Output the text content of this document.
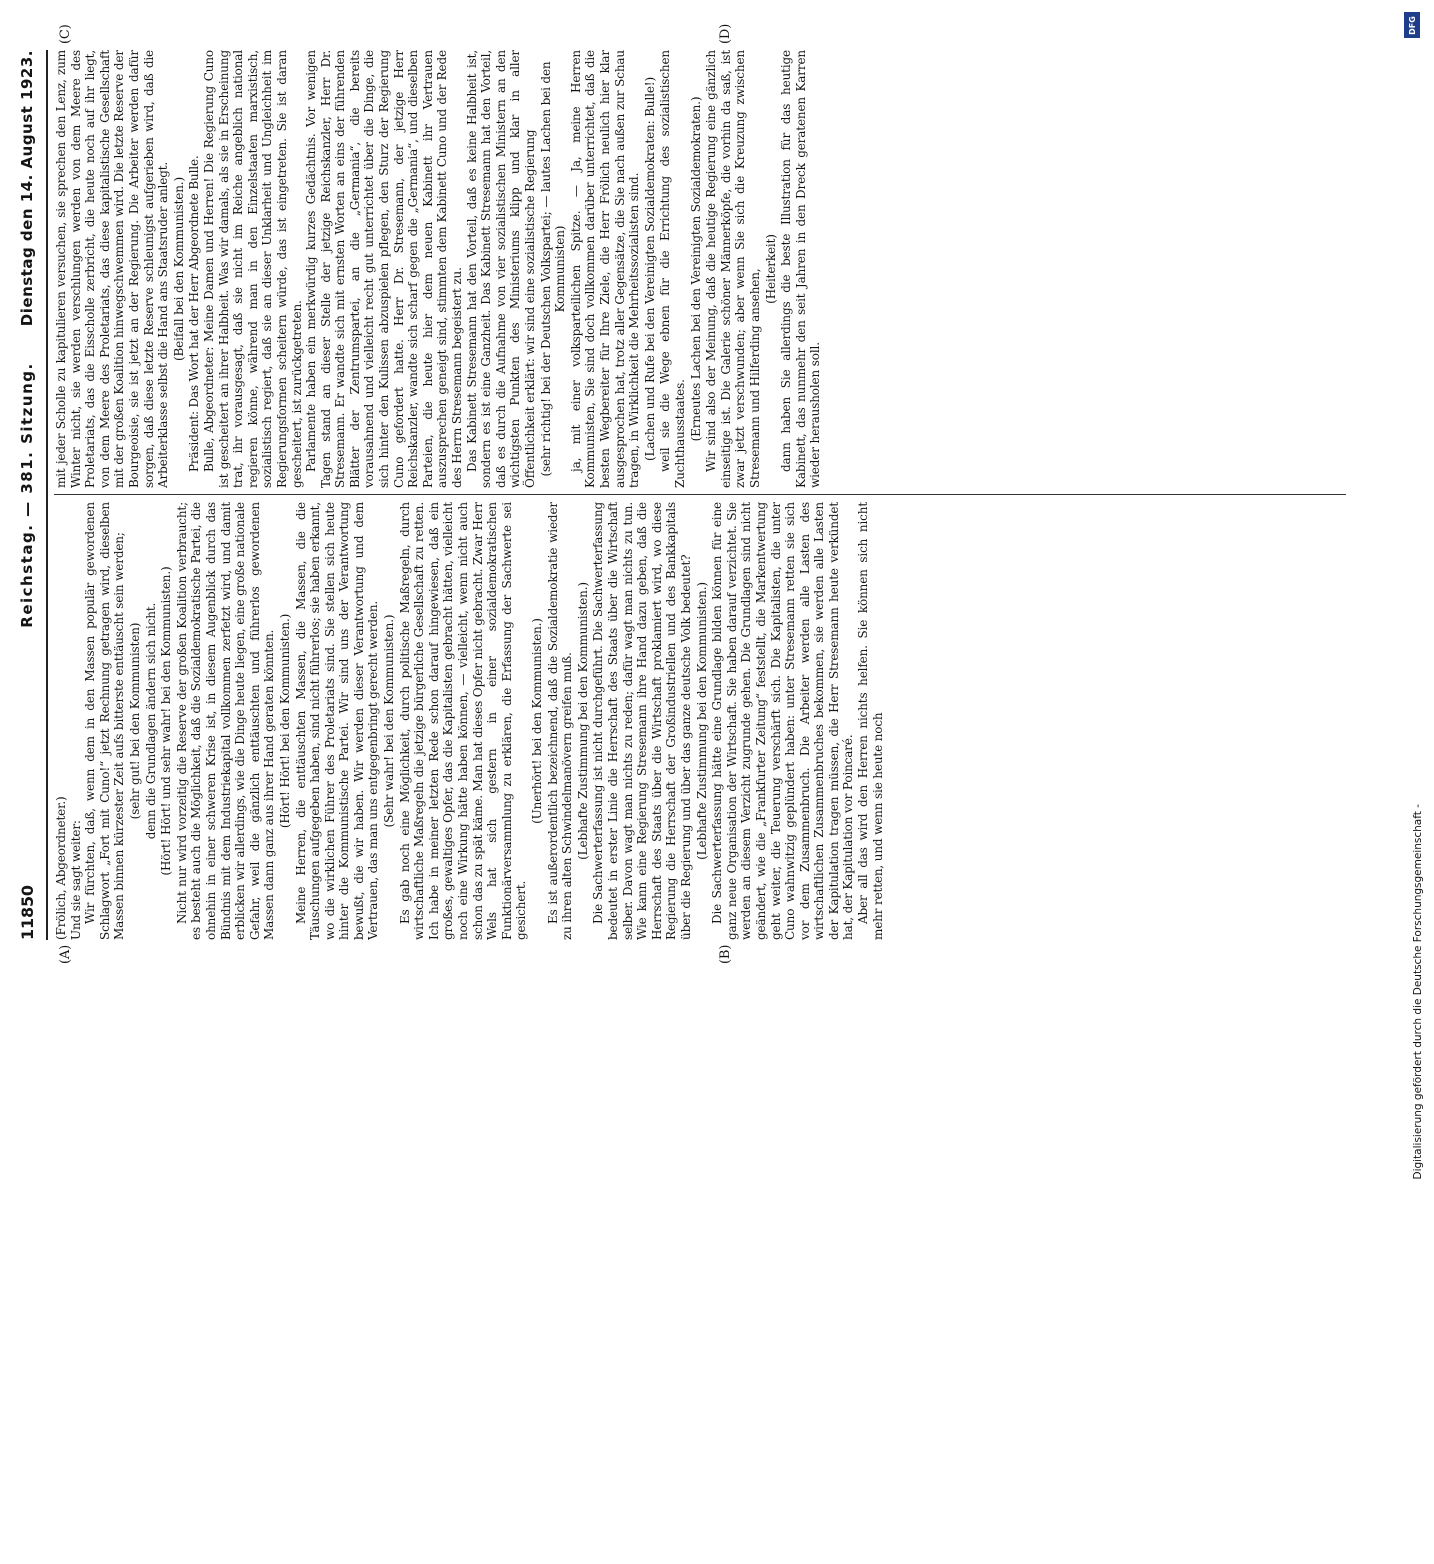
11850
Reichstag. — 381. Sitzung.
Dienstag den 14. August 1923.
(A)	(B)
(C)	(D)

(Frölich, Abgeordneter.) Und sie sagt weiter: Wir fürchten, daß, wenn dem in den Massen populär gewordenen Schlagwort „Fort mit Cuno!“ jetzt Rechnung getragen wird, dieselben Massen binnen kürzester Zeit aufs bitterste enttäuscht sein werden; (sehr gut! bei den Kommunisten) denn die Grundlagen ändern sich nicht. (Hört! Hört! und sehr wahr! bei den Kommunisten.) Nicht nur wird vorzeitig die Reserve der großen Koalition verbraucht; es besteht auch die Möglichkeit, daß die Sozialdemokratische Partei, die ohnehin in einer schweren Krise ist, in diesem Augenblick durch das Bündnis mit dem Industriekapital vollkommen zerfetzt wird, und damit erblicken wir allerdings, wie die Dinge heute liegen, eine große nationale Gefahr, weil die gänzlich enttäuschten und führerlos gewordenen Massen dann ganz aus ihrer Hand geraten könnten. (Hört! Hört! bei den Kommunisten.) Meine Herren, die enttäuschten Massen, die Massen, die die Täuschungen aufgegeben haben, sind nicht führerlos; sie haben erkannt, wo die wirklichen Führer des Proletariats sind. Sie stellen sich heute hinter die Kommunistische Partei. Wir sind uns der Verantwortung bewußt, die wir haben. Wir werden dieser Verantwortung und dem Vertrauen, das man uns entgegenbringt gerecht werden. (Sehr wahr! bei den Kommunisten.) Es gab noch eine Möglichkeit, durch politische Maßregeln, durch wirtschaftliche Maßregeln die jetzige bürgerliche Gesellschaft zu retten. Ich habe in meiner letzten Rede schon darauf hingewiesen, daß ein großes, gewaltiges Opfer, das die Kapitalisten gebracht hätten, vielleicht noch eine Wirkung hätte haben können, — vielleicht, wenn nicht auch schon das zu spät käme. Man hat dieses Opfer nicht gebracht. Zwar Herr Wels hat sich gestern in einer sozialdemokratischen Funktionärversammlung zu erklären, die Erfassung der Sachwerte sei gesichert.

(Unerhört! bei den Kommunisten.) Es ist außerordentlich bezeichnend, daß die Sozialdemokratie wieder zu ihren alten Schwindelmanövern greifen muß. (Lebhafte Zustimmung bei den Kommunisten.) Die Sachwerterfassung ist nicht durchgeführt. Die Sachwerterfassung bedeutet in erster Linie die Herrschaft des Staats über die Wirtschaft selber. Davon wagt man nichts zu reden; dafür wagt man nichts zu tun. Wie kann eine Regierung Stresemann ihre Hand dazu geben, daß die Herrschaft des Staats über die Wirtschaft proklamiert wird, wo diese Regierung die Herrschaft der Großindustriellen und des Bankkapitals über die Regierung und über das ganze deutsche Volk bedeutet? (Lebhafte Zustimmung bei den Kommunisten.) Die Sachwerterfassung hätte eine Grundlage bilden können für eine ganz neue Organisation der Wirtschaft. Sie haben darauf verzichtet. Sie werden an diesem Verzicht zugrunde gehen. Die Grundlagen sind nicht geändert, wie die „Frankfurter Zeitung“ feststellt, die Markentwertung geht weiter, die Teuerung verschärft sich. Die Kapitalisten, die unter Cuno wahnwitzig geplündert haben: unter Stresemann retten sie sich vor dem Zusammenbruch. Die Arbeiter werden alle Lasten des wirtschaftlichen Zusammenbruches bekommen, sie werden alle Lasten der Kapitulation tragen müssen, die Herr Stresemann heute verkündet hat, der Kapitulation vor Poincaré. Aber all das wird den Herren nichts helfen. Sie können sich nicht mehr retten, und wenn sie heute noch

mit jeder Scholle zu kapitulieren versuchen, sie sprechen den Lenz, zum Winter nicht, sie werden verschlungen werden von dem Meere des Proletariats, das die Eisscholle zerbricht, die heute noch auf ihr liegt, von dem Meere des Proletariats, das diese kapitalistische Gesellschaft mit der großen Koalition hinwegschwemmen wird. Die letzte Reserve der Bourgeoisie, sie ist jetzt an der Regierung. Die Arbeiter werden dafür sorgen, daß diese letzte Reserve schleunigst aufgerieben wird, daß die Arbeiterklasse selbst die Hand ans Staatsruder anlegt. (Beifall bei den Kommunisten.) Präsident: Das Wort hat der Herr Abgeordnete Bulle. Bulle, Abgeordneter: Meine Damen und Herren! Die Regierung Cuno ist gescheitert an ihrer Halbheit. Was wir damals, als sie in Erscheinung trat, ihr vorausgesagt, daß sie nicht im Reiche angeblich national regieren könne, während man in den Einzelstaaten marxistisch, sozialistisch regiert, daß sie an dieser Unklarheit und Ungleichheit im Regierungsformen scheitern würde, das ist eingetreten. Sie ist daran gescheitert, ist zurückgetreten. Parlamente haben ein merkwürdig kurzes Gedächtnis. Vor wenigen Tagen stand an dieser Stelle der jetzige Reichskanzler, Herr Dr. Stresemann. Er wandte sich mit ernsten Worten an eins der führenden Blätter der Zentrumspartei, an die „Germania“, die bereits vorausahnend und vielleicht recht gut unterrichtet über die Dinge, die sich hinter den Kulissen abzuspielen pflegen, den Sturz der Regierung Cuno gefordert hatte. Herr Dr. Stresemann, der jetzige Herr Reichskanzler, wandte sich scharf gegen die „Germania“, und dieselben Parteien, die heute hier dem neuen Kabinett ihr Vertrauen auszusprechen geneigt sind, stimmten dem Kabinett Cuno und der Rede des Herrn Stresemann begeistert zu. Das Kabinett Stresemann hat den Vorteil, daß es keine Halbheit ist, sondern es ist eine Ganzheit. Das Kabinett Stresemann hat den Vorteil, daß es durch die Aufnahme von vier sozialistischen Ministern an den wichtigsten Punkten des Ministeriums klipp und klar in aller Öffentlichkeit erklärt: wir sind eine sozialistische Regierung (sehr richtig! bei der Deutschen Volkspartei; — lautes Lachen bei den Kommunisten) ja, mit einer volksparteilichen Spitze. — Ja, meine Herren Kommunisten, Sie sind doch vollkommen darüber unterrichtet, daß die besten Wegbereiter für Ihre Ziele, die Herr Frölich neulich hier klar ausgesprochen hat, trotz aller Gegensätze, die Sie nach außen zur Schau tragen, in Wirklichkeit die Mehrheitssozialisten sind. (Lachen und Rufe bei den Vereinigten Sozialdemokraten: Bulle!) weil sie die Wege ebnen für die Errichtung des sozialistischen Zuchthausstaates. (Erneutes Lachen bei den Vereinigten Sozialdemokraten.) Wir sind also der Meinung, daß die heutige Regierung eine gänzlich einseitige ist. Die Galerie schöner Männerköpfe, die vorhin da saß, ist zwar jetzt verschwunden; aber wenn Sie sich die Kreuzung zwischen Stresemann und Hilferding ansehen, (Heiterkeit) dann haben Sie allerdings die beste Illustration für das heutige Kabinett, das nunmehr den seit Jahren in den Dreck geratenen Karren wieder herausholen soll.

DFG
Digitalisierung gefördert durch die Deutsche Forschungsgemeinschaft -
